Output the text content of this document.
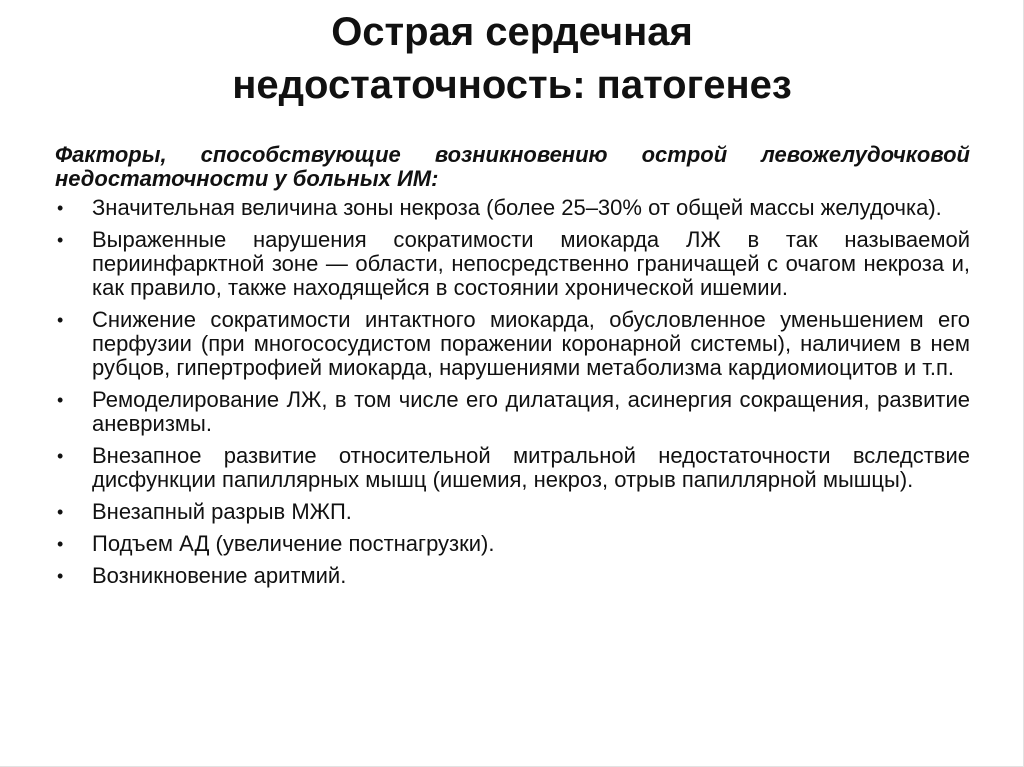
Острая сердечная
недостаточность: патогенез

Факторы, способствующие возникновению острой левожелудочковой недостаточности у больных ИМ:

• Значительная величина зоны некроза (более 25–30% от общей массы желудочка).
• Выраженные нарушения сократимости миокарда ЛЖ в так называемой периинфарктной зоне — области, непосредственно граничащей с очагом некроза и, как правило, также находящейся в состоянии хронической ишемии.
• Снижение сократимости интактного миокарда, обусловленное уменьшением его перфузии (при многососудистом поражении коронарной системы), наличием в нем рубцов, гипертрофией миокарда, нарушениями метаболизма кардиомиоцитов и т.п.
• Ремоделирование ЛЖ, в том числе его дилатация, асинергия сокращения, развитие аневризмы.
• Внезапное развитие относительной митральной недостаточности вследствие дисфункции папиллярных мышц (ишемия, некроз, отрыв папиллярной мышцы).
• Внезапный разрыв МЖП.
• Подъем АД (увеличение постнагрузки).
• Возникновение аритмий.
